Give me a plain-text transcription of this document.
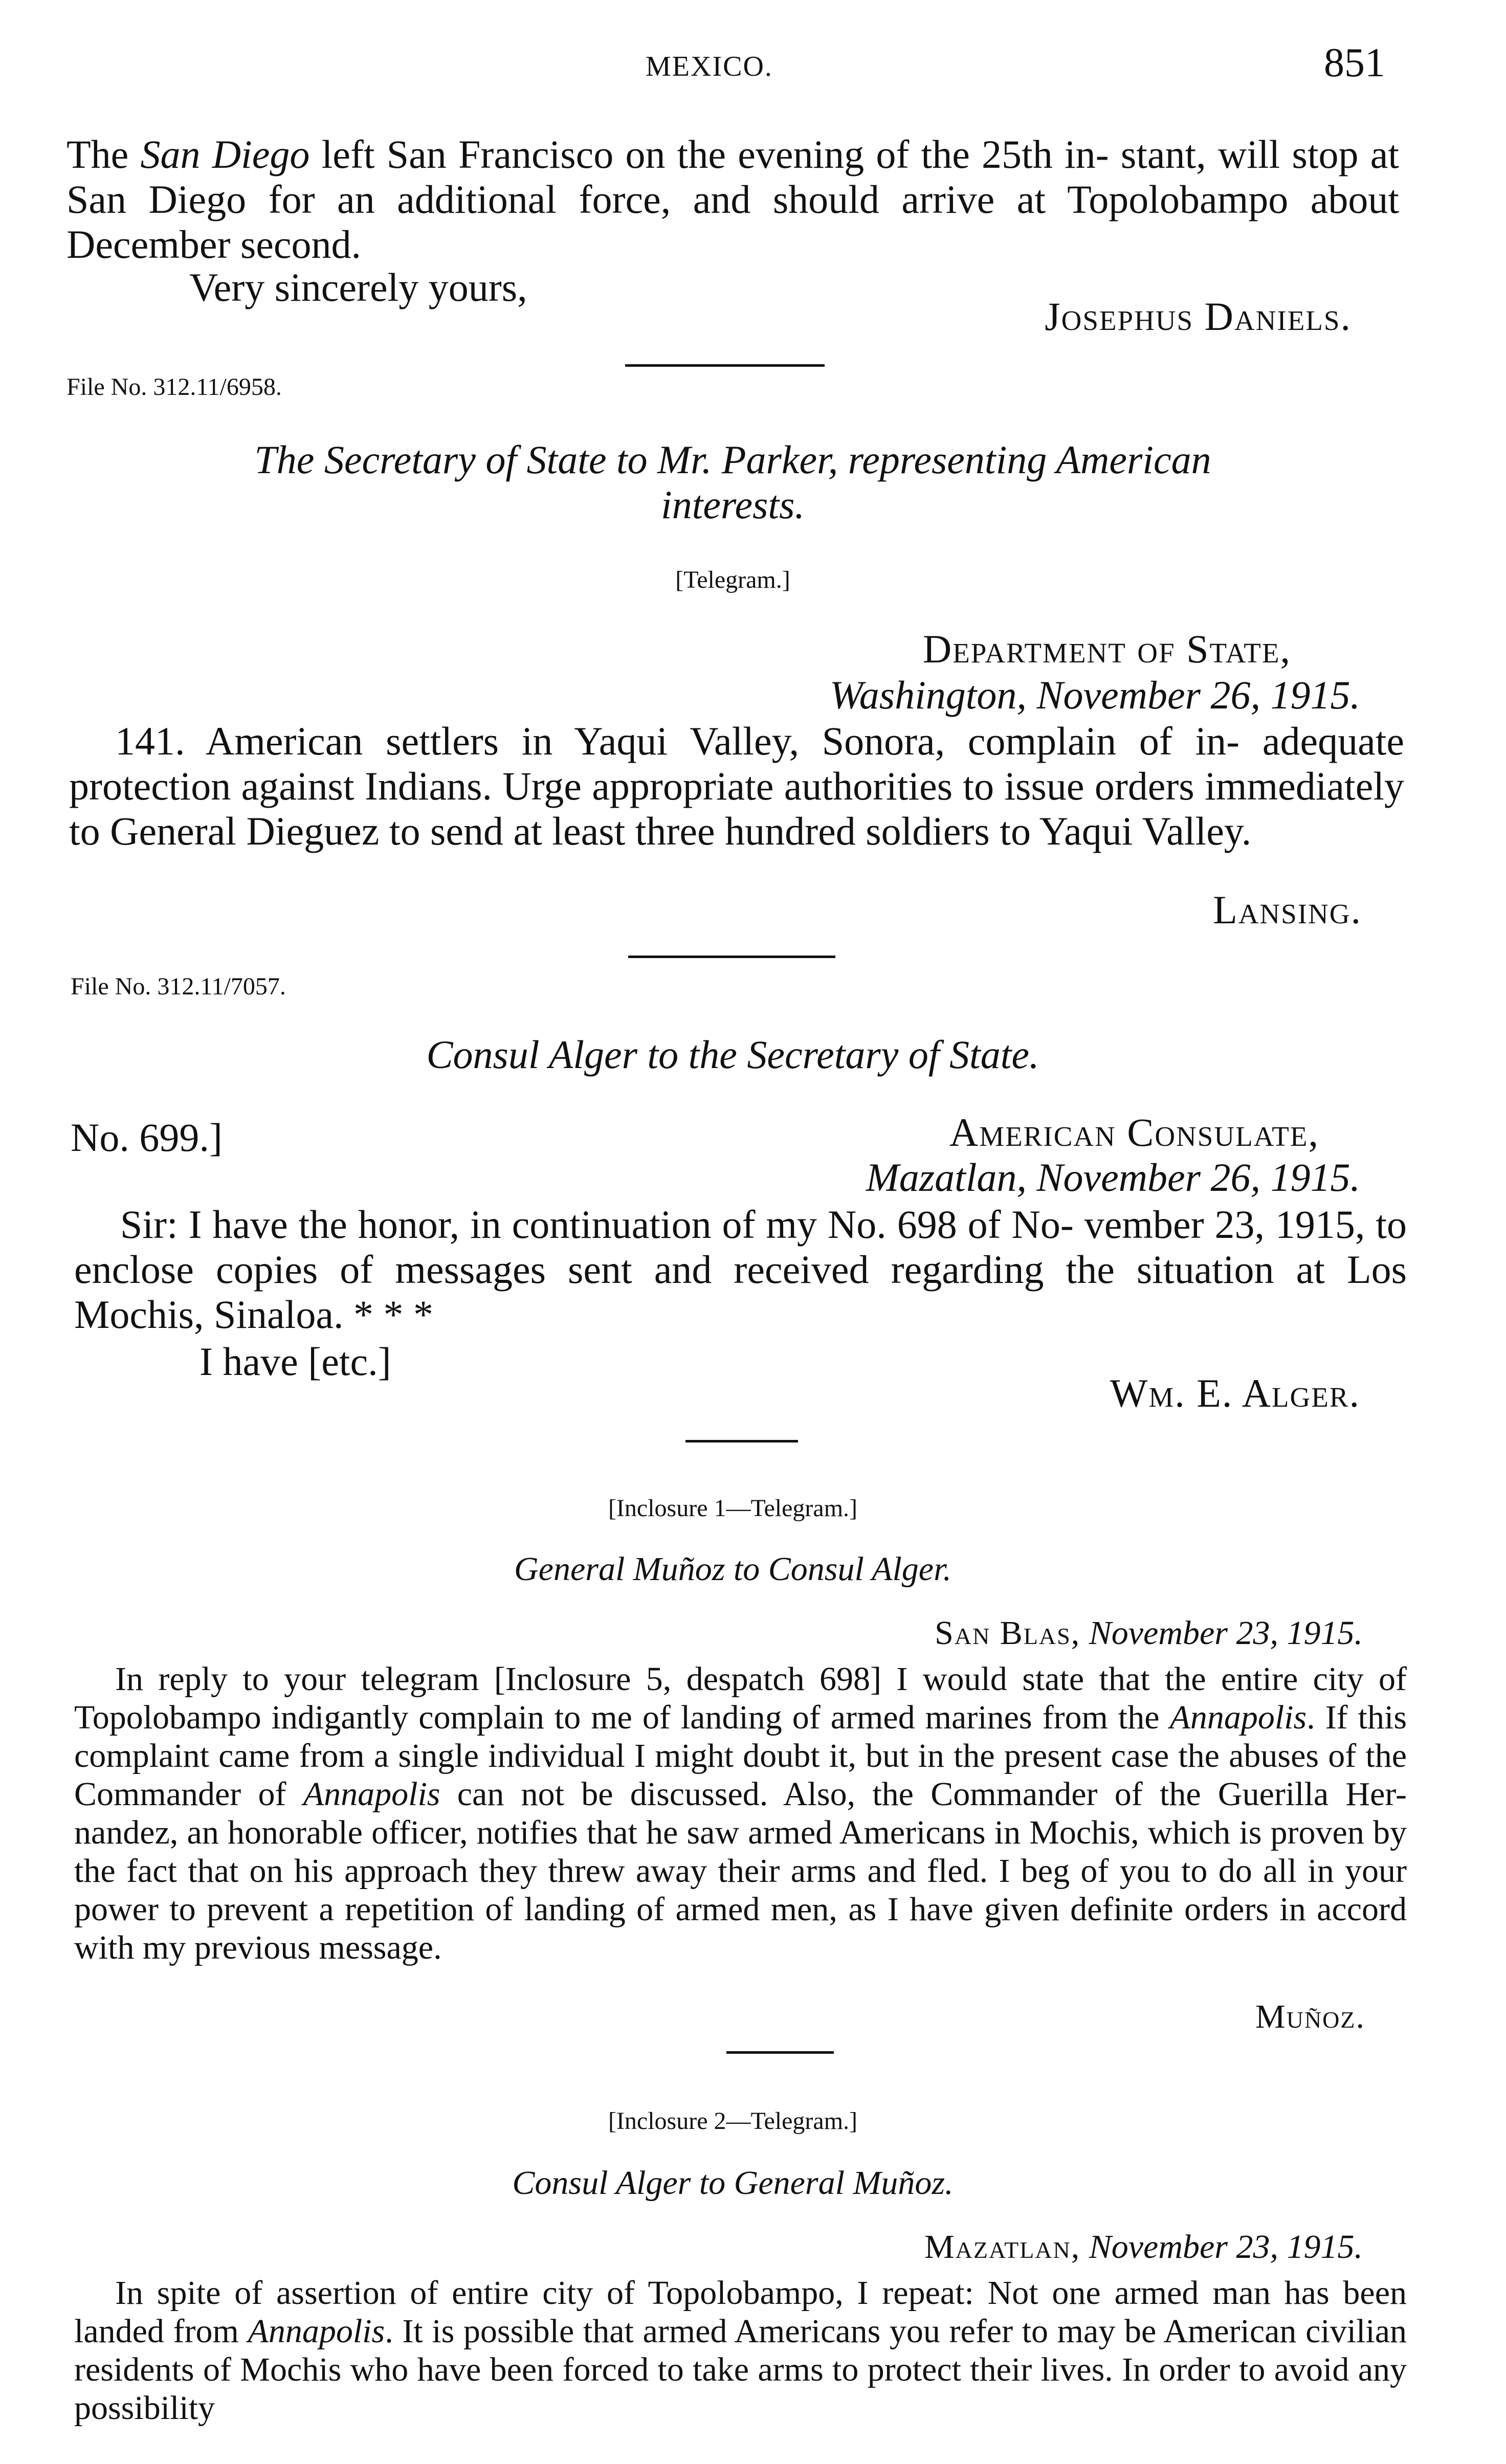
MEXICO.	851
The San Diego left San Francisco on the evening of the 25th in- stant, will stop at San Diego for an additional force, and should arrive at Topolobampo about December second.
Very sincerely yours,
Josephus Daniels.
File No. 312.11/6958.
The Secretary of State to Mr. Parker, representing American
interests.
[Telegram.]
Department of State,
Washington, November 26, 1915.
141. American settlers in Yaqui Valley, Sonora, complain of in- adequate protection against Indians. Urge appropriate authorities to issue orders immediately to General Dieguez to send at least three hundred soldiers to Yaqui Valley.
Lansing.
File No. 312.11/7057.
Consul Alger to the Secretary of State.
No. 699.]	American Consulate,
Mazatlan, November 26, 1915.
Sir: I have the honor, in continuation of my No. 698 of No- vember 23, 1915, to enclose copies of messages sent and received regarding the situation at Los Mochis, Sinaloa. * * *
I have [etc.]
Wm. E. Alger.
[Inclosure 1—Telegram.]
General Muñoz to Consul Alger.
San Blas, November 23, 1915.
In reply to your telegram [Inclosure 5, despatch 698] I would state that the entire city of Topolobampo indigantly complain to me of landing of armed marines from the Annapolis. If this complaint came from a single individual I might doubt it, but in the present case the abuses of the Commander of Annapolis can not be discussed. Also, the Commander of the Guerilla Her- nandez, an honorable officer, notifies that he saw armed Americans in Mochis, which is proven by the fact that on his approach they threw away their arms and fled. I beg of you to do all in your power to prevent a repetition of landing of armed men, as I have given definite orders in accord with my previous message.
Muñoz.
[Inclosure 2—Telegram.]
Consul Alger to General Muñoz.
Mazatlan, November 23, 1915.
In spite of assertion of entire city of Topolobampo, I repeat: Not one armed man has been landed from Annapolis. It is possible that armed Americans you refer to may be American civilian residents of Mochis who have been forced to take arms to protect their lives. In order to avoid any possibility
